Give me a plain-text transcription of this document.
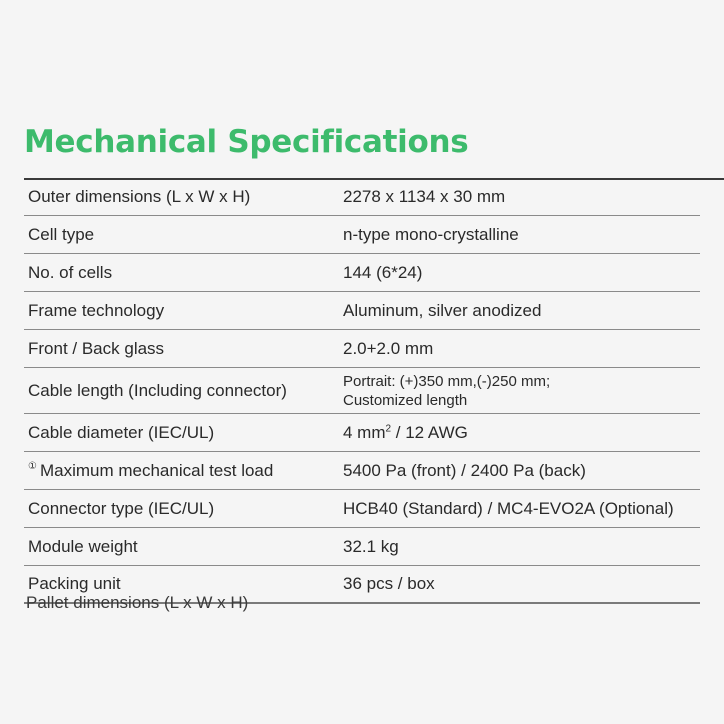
Mechanical Specifications
Outer dimensions (L x W x H)	2278 x 1134 x 30 mm
Cell type	n-type mono-crystalline
No. of cells	144 (6*24)
Frame technology	Aluminum, silver anodized
Front / Back glass	2.0+2.0 mm
Cable length (Including connector)	Portrait: (+)350 mm,(-)250 mm;
Customized length
Cable diameter (IEC/UL)	4 $mm^2 / 12$ AWG
① Maximum mechanical test load	5400 Pa (front) / 2400 Pa (back)
Connector type (IEC/UL)	HCB40 (Standard) / MC4-EVO2A (Optional)
Module weight	32.1 kg
Packing unit	36 pcs / box
Pallet dimensions (L x W x H)
